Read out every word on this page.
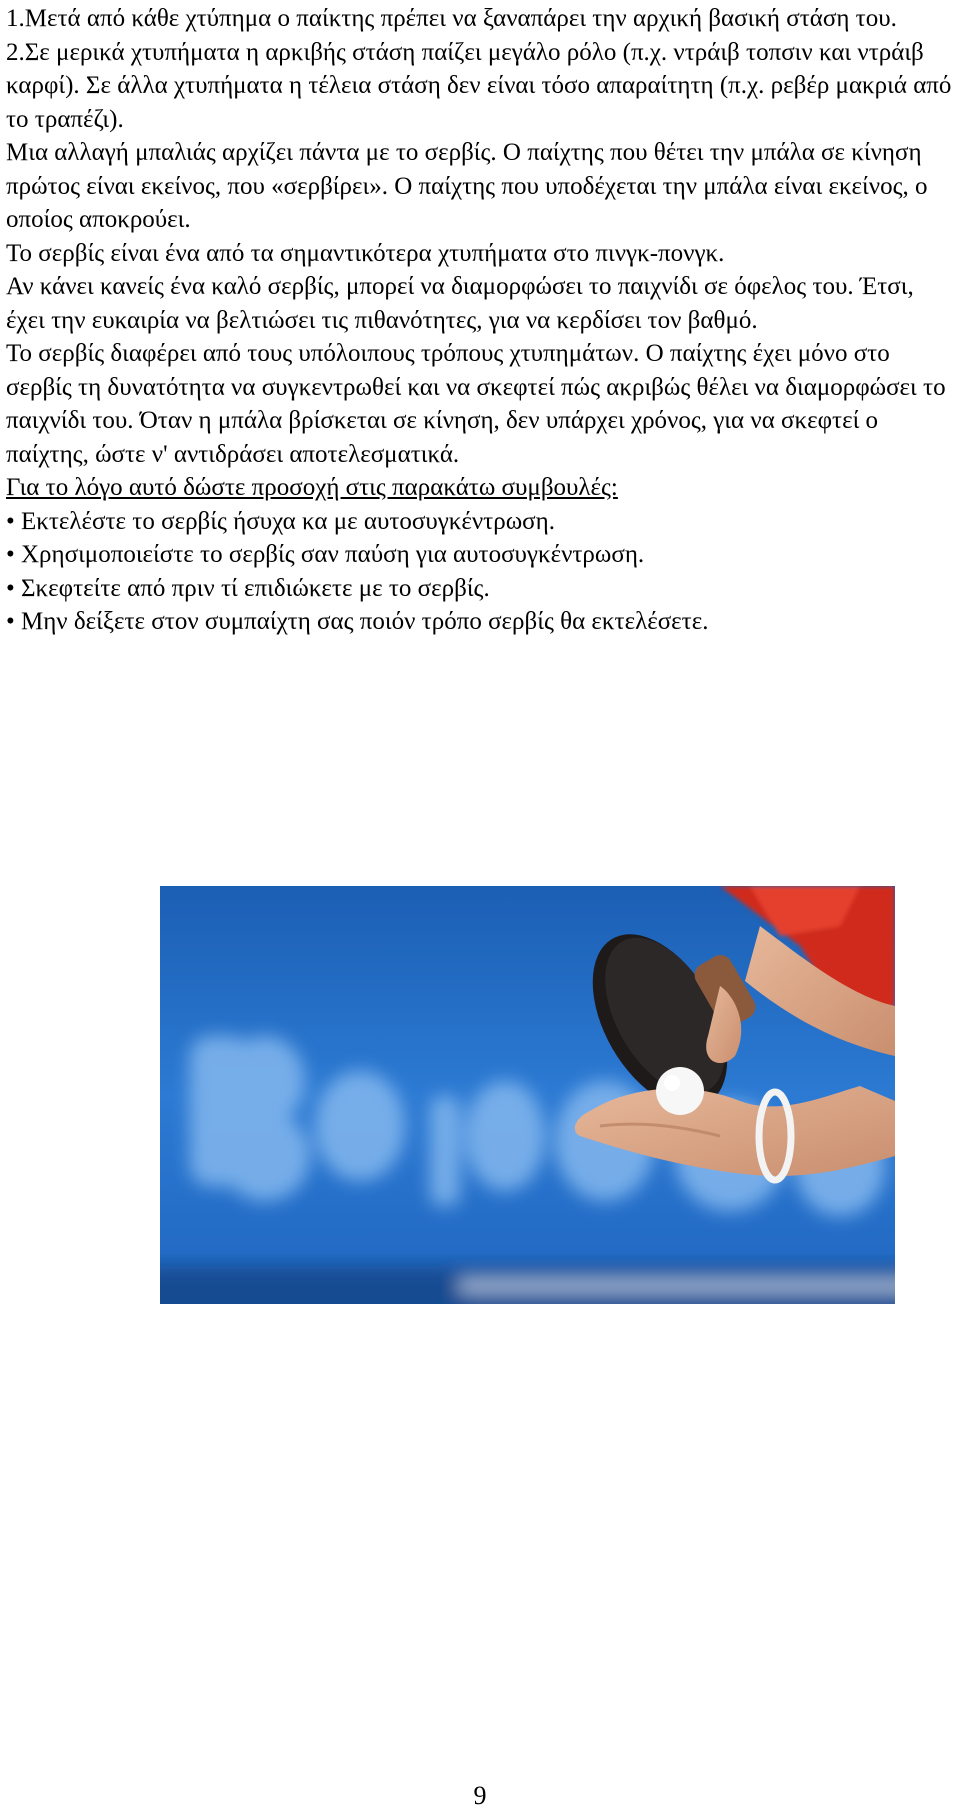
1.Μετά από κάθε χτύπημα ο παίκτης πρέπει να ξαναπάρει την αρχική βασική στάση του.

2.Σε μερικά χτυπήματα η αρκιβής στάση παίζει μεγάλο ρόλο (π.χ. ντράιβ τοπσιν και ντράιβ καρφί). Σε άλλα χτυπήματα η τέλεια στάση δεν είναι τόσο απαραίτητη (π.χ. ρεβέρ μακριά από το τραπέζι).

Μια αλλαγή μπαλιάς αρχίζει πάντα με το σερβίς. Ο παίχτης που θέτει την μπάλα σε κίνηση πρώτος είναι εκείνος, που «σερβίρει». Ο παίχτης που υποδέχεται την μπάλα είναι εκείνος, ο οποίος αποκρούει.

Το σερβίς είναι ένα από τα σημαντικότερα χτυπήματα στο πινγκ-πονγκ.

Αν κάνει κανείς ένα καλό σερβίς, μπορεί να διαμορφώσει το παιχνίδι σε όφελος του. Έτσι, έχει την ευκαιρία να βελτιώσει τις πιθανότητες, για να κερδίσει τον βαθμό.

Το σερβίς διαφέρει από τους υπόλοιπους τρόπους χτυπημάτων. Ο παίχτης έχει μόνο στο σερβίς τη δυνατότητα να συγκεντρωθεί και να σκεφτεί πώς ακριβώς θέλει να διαμορφώσει το παιχνίδι του. Όταν η μπάλα βρίσκεται σε κίνηση, δεν υπάρχει χρόνος, για να σκεφτεί ο παίχτης, ώστε ν' αντιδράσει αποτελεσματικά.

Για το λόγο αυτό δώστε προσοχή στις παρακάτω συμβουλές:

• Εκτελέστε το σερβίς ήσυχα κα με αυτοσυγκέντρωση.
• Χρησιμοποιείστε το σερβίς σαν παύση για αυτοσυγκέντρωση.
• Σκεφτείτε από πριν τί επιδιώκετε με το σερβίς.
• Μην δείξετε στον συμπαίχτη σας ποιόν τρόπο σερβίς θα εκτελέσετε.
9
